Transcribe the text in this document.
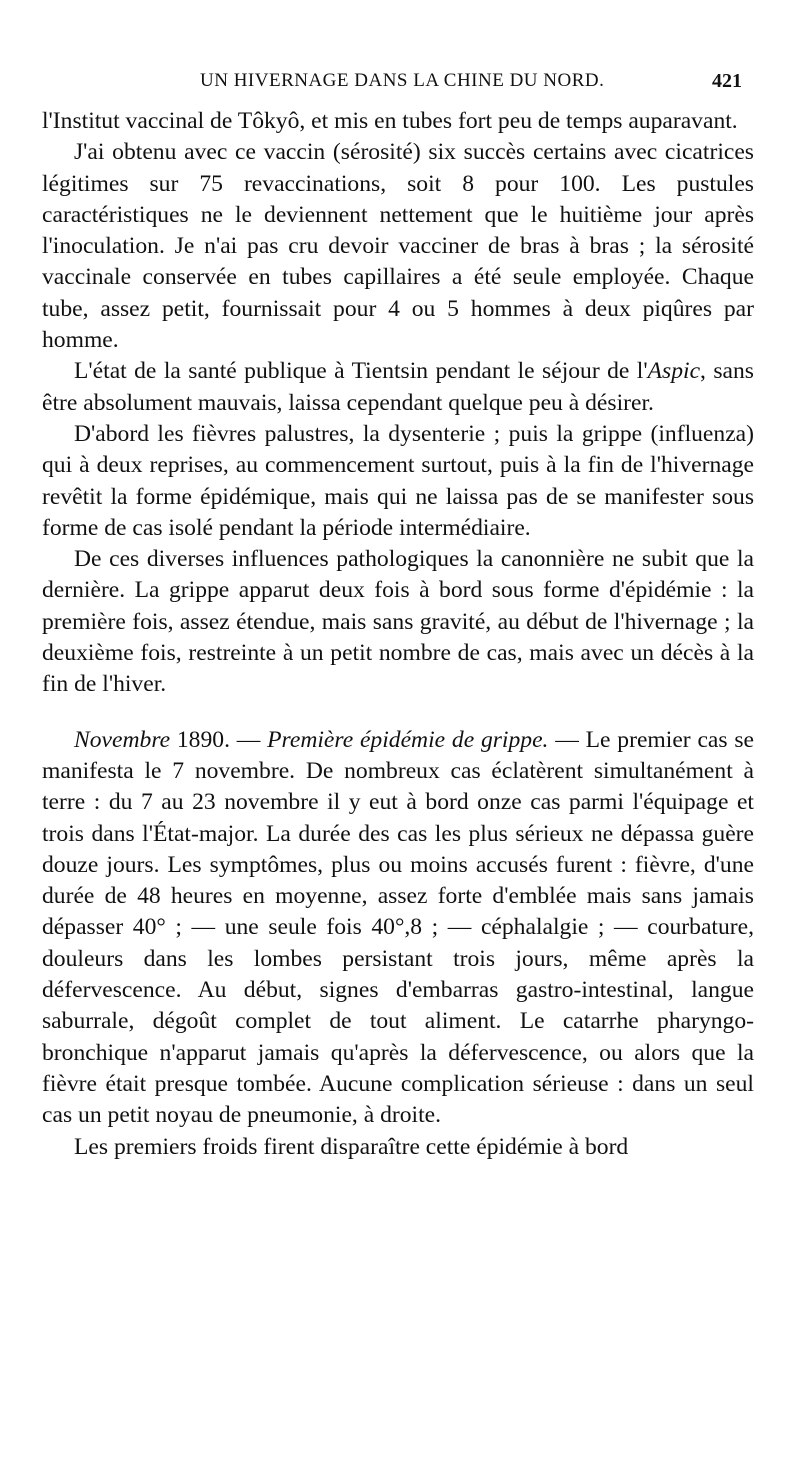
UN HIVERNAGE DANS LA CHINE DU NORD.	421

l'Institut vaccinal de Tôkyô, et mis en tubes fort peu de temps auparavant.

J'ai obtenu avec ce vaccin (sérosité) six succès certains avec cicatrices légitimes sur 75 revaccinations, soit 8 pour 100. Les pustules caractéristiques ne le deviennent nettement que le huitième jour après l'inoculation. Je n'ai pas cru devoir vacciner de bras à bras ; la sérosité vaccinale conservée en tubes capillaires a été seule employée. Chaque tube, assez petit, fournissait pour 4 ou 5 hommes à deux piqûres par homme.

L'état de la santé publique à Tientsin pendant le séjour de l'Aspic, sans être absolument mauvais, laissa cependant quelque peu à désirer.

D'abord les fièvres palustres, la dysenterie ; puis la grippe (influenza) qui à deux reprises, au commencement surtout, puis à la fin de l'hivernage revêtit la forme épidémique, mais qui ne laissa pas de se manifester sous forme de cas isolé pendant la période intermédiaire.

De ces diverses influences pathologiques la canonnière ne subit que la dernière. La grippe apparut deux fois à bord sous forme d'épidémie : la première fois, assez étendue, mais sans gravité, au début de l'hivernage ; la deuxième fois, restreinte à un petit nombre de cas, mais avec un décès à la fin de l'hiver.

Novembre 1890. — Première épidémie de grippe. — Le premier cas se manifesta le 7 novembre. De nombreux cas éclatèrent simultanément à terre : du 7 au 23 novembre il y eut à bord onze cas parmi l'équipage et trois dans l'État-major. La durée des cas les plus sérieux ne dépassa guère douze jours. Les symptômes, plus ou moins accusés furent : fièvre, d'une durée de 48 heures en moyenne, assez forte d'emblée mais sans jamais dépasser 40° ; — une seule fois 40°,8 ; — céphalalgie ; — courbature, douleurs dans les lombes persistant trois jours, même après la défervescence. Au début, signes d'embarras gastro-intestinal, langue saburrale, dégoût complet de tout aliment. Le catarrhe pharyngo-bronchique n'apparut jamais qu'après la défervescence, ou alors que la fièvre était presque tombée. Aucune complication sérieuse : dans un seul cas un petit noyau de pneumonie, à droite.

Les premiers froids firent disparaître cette épidémie à bord
